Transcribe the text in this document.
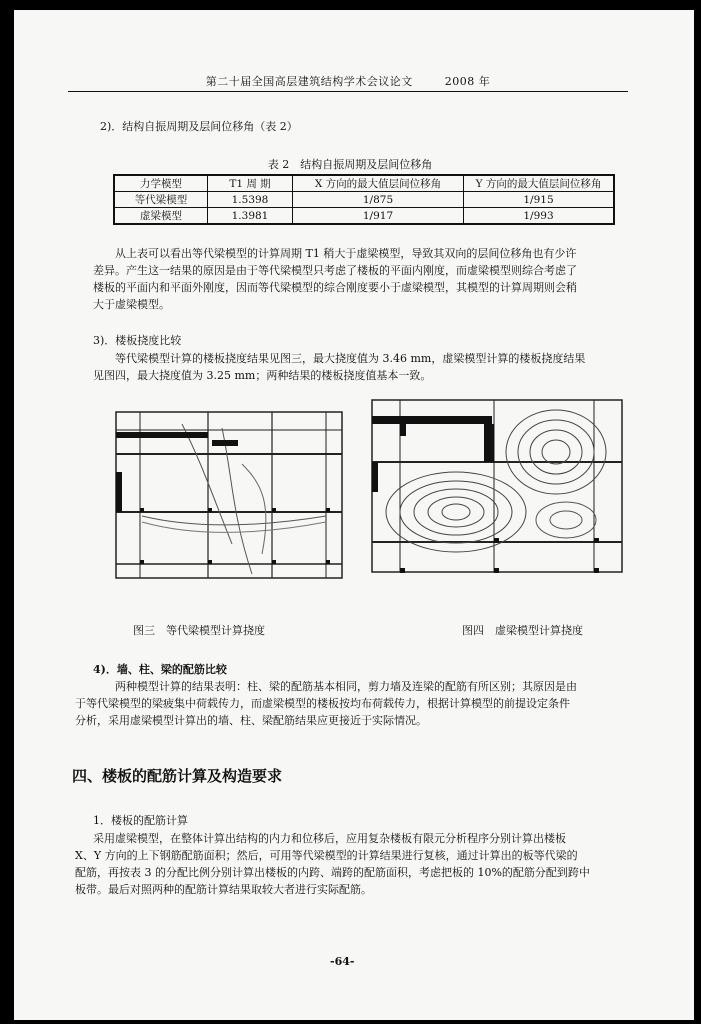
第二十届全国高层建筑结构学术会议论文	2008 年
2)．结构自振周期及层间位移角（表 2）
表 2　结构自振周期及层间位移角
力学模型	T1 周 期	X 方向的最大值层间位移角	Y 方向的最大值层间位移角
等代梁模型	1.5398	1/875	1/915
虚梁模型	1.3981	1/917	1/993
从上表可以看出等代梁模型的计算周期 T1 稍大于虚梁模型，导致其双向的层间位移角也有少许
差异。产生这一结果的原因是由于等代梁模型只考虑了楼板的平面内刚度，而虚梁模型则综合考虑了
楼板的平面内和平面外刚度，因而等代梁模型的综合刚度要小于虚梁模型，其模型的计算周期则会稍
大于虚梁模型。
3)．楼板挠度比较
等代梁模型计算的楼板挠度结果见图三，最大挠度值为 3.46 mm，虚梁模型计算的楼板挠度结果
见图四，最大挠度值为 3.25 mm；两种结果的楼板挠度值基本一致。
图三　等代梁模型计算挠度	图四　虚梁模型计算挠度
4)．墙、柱、梁的配筋比较
两种模型计算的结果表明：柱、梁的配筋基本相同，剪力墙及连梁的配筋有所区别；其原因是由
于等代梁模型的梁疲集中荷载传力，而虚梁模型的楼板按均布荷载传力，根据计算模型的前提设定条件
分析，采用虚梁模型计算出的墙、柱、梁配筋结果应更接近于实际情况。
四、楼板的配筋计算及构造要求
1．楼板的配筋计算
采用虚梁模型，在整体计算出结构的内力和位移后，应用复杂楼板有限元分析程序分别计算出楼板
X、Y 方向的上下钢筋配筋面积；然后，可用等代梁模型的计算结果进行复核，通过计算出的板等代梁的
配筋，再按表 3 的分配比例分别计算出楼板的内跨、端跨的配筋面积，考虑把板的 10%的配筋分配到跨中
板带。最后对照两种的配筋计算结果取较大者进行实际配筋。
-64-
